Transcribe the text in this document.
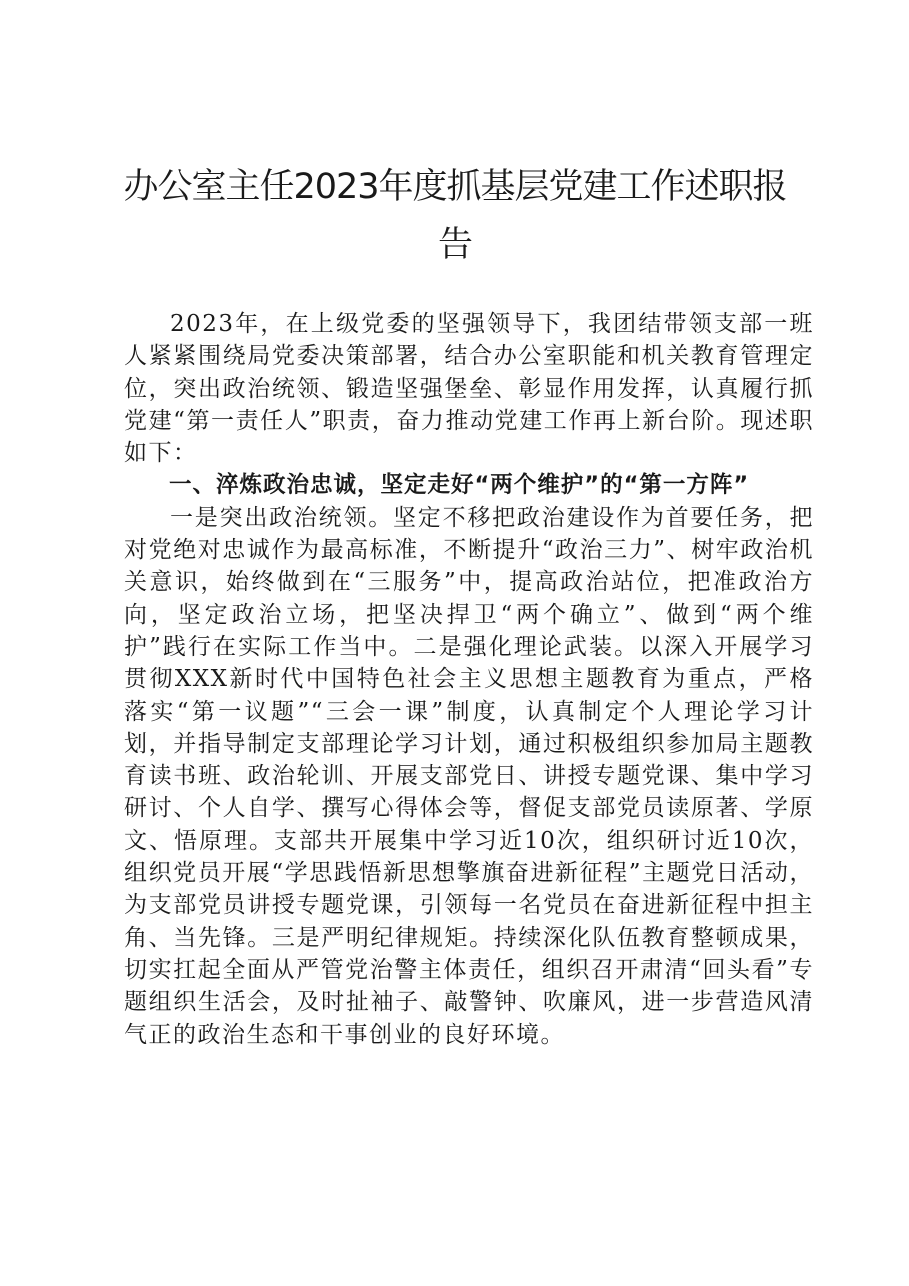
办公室主任2023年度抓基层党建工作述职报告

2023年，在上级党委的坚强领导下，我团结带领支部一班人紧紧围绕局党委决策部署，结合办公室职能和机关教育管理定位，突出政治统领、锻造坚强堡垒、彰显作用发挥，认真履行抓党建“第一责任人”职责，奋力推动党建工作再上新台阶。现述职如下：

一、淬炼政治忠诚，坚定走好“两个维护”的“第一方阵”

一是突出政治统领。坚定不移把政治建设作为首要任务，把对党绝对忠诚作为最高标准，不断提升“政治三力”、树牢政治机关意识，始终做到在“三服务”中，提高政治站位，把准政治方向，坚定政治立场，把坚决捍卫“两个确立”、做到“两个维护”践行在实际工作当中。二是强化理论武装。以深入开展学习贯彻XXX新时代中国特色社会主义思想主题教育为重点，严格落实“第一议题”“三会一课”制度，认真制定个人理论学习计划，并指导制定支部理论学习计划，通过积极组织参加局主题教育读书班、政治轮训、开展支部党日、讲授专题党课、集中学习研讨、个人自学、撰写心得体会等，督促支部党员读原著、学原文、悟原理。支部共开展集中学习近10次，组织研讨近10次，组织党员开展“学思践悟新思想擎旗奋进新征程”主题党日活动，为支部党员讲授专题党课，引领每一名党员在奋进新征程中担主角、当先锋。三是严明纪律规矩。持续深化队伍教育整顿成果，切实扛起全面从严管党治警主体责任，组织召开肃清“回头看”专题组织生活会，及时扯袖子、敲警钟、吹廉风，进一步营造风清气正的政治生态和干事创业的良好环境。
